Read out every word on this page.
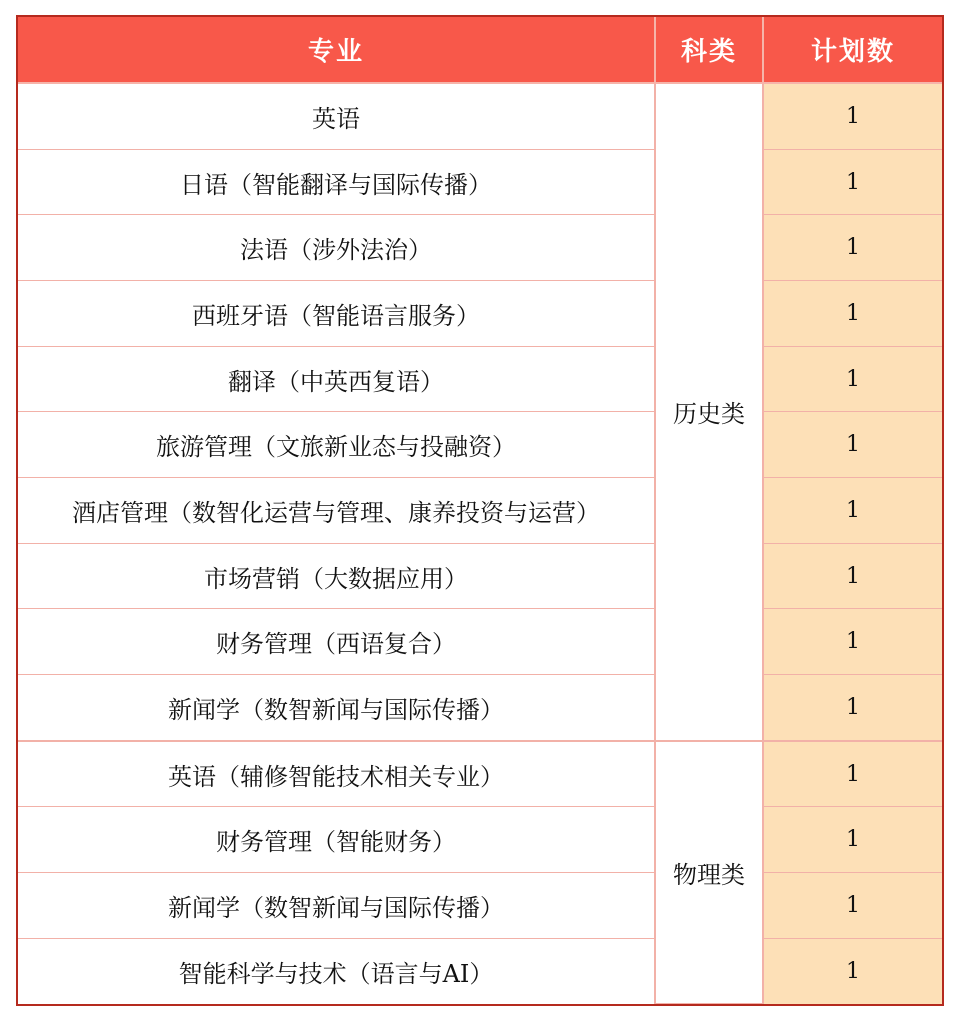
专业	科类	计划数
英语	历史类	1
日语（智能翻译与国际传播）		1
法语（涉外法治）		1
西班牙语（智能语言服务）		1
翻译（中英西复语）		1
旅游管理（文旅新业态与投融资）		1
酒店管理（数智化运营与管理、康养投资与运营）		1
市场营销（大数据应用）		1
财务管理（西语复合）		1
新闻学（数智新闻与国际传播）		1
英语（辅修智能技术相关专业）	物理类	1
财务管理（智能财务）		1
新闻学（数智新闻与国际传播）		1
智能科学与技术（语言与AI）		1
